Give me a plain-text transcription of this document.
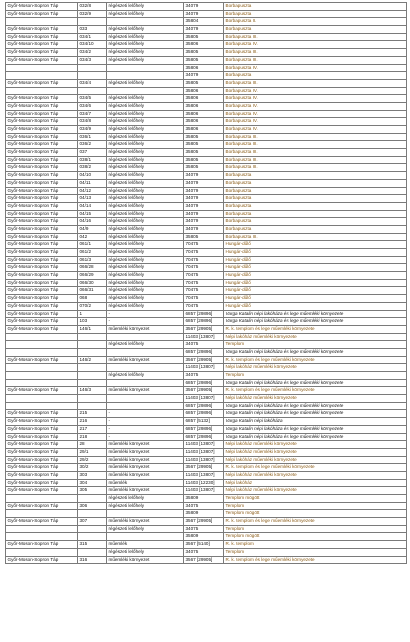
Győr-Moson-Sopron Táp	032/8	régészeti lelőhely	34079	Borbapuszta
Győr-Moson-Sopron Táp	032/9	régészeti lelőhely	34079	Borbapuszta
			35804	Borbapuszta II.
Győr-Moson-Sopron Táp	033	régészeti lelőhely	34079	Borbapuszta
Győr-Moson-Sopron Táp	034/1	régészeti lelőhely	35805	Borbapuszta III.
Győr-Moson-Sopron Táp	034/10	régészeti lelőhely	35806	Borbapuszta IV.
Győr-Moson-Sopron Táp	034/2	régészeti lelőhely	35805	Borbapuszta III.
Győr-Moson-Sopron Táp	034/3	régészeti lelőhely	35805	Borbapuszta III.
			35806	Borbapuszta IV.
			34079	Borbapuszta
Győr-Moson-Sopron Táp	034/4	régészeti lelőhely	35805	Borbapuszta III.
			35806	Borbapuszta IV.
Győr-Moson-Sopron Táp	034/5	régészeti lelőhely	35806	Borbapuszta IV.
Győr-Moson-Sopron Táp	034/6	régészeti lelőhely	35806	Borbapuszta IV.
Győr-Moson-Sopron Táp	034/7	régészeti lelőhely	35806	Borbapuszta IV.
Győr-Moson-Sopron Táp	034/8	régészeti lelőhely	35806	Borbapuszta IV.
Győr-Moson-Sopron Táp	034/9	régészeti lelőhely	35806	Borbapuszta IV.
Győr-Moson-Sopron Táp	036/1	régészeti lelőhely	35805	Borbapuszta III.
Győr-Moson-Sopron Táp	036/2	régészeti lelőhely	35805	Borbapuszta III.
Győr-Moson-Sopron Táp	037	régészeti lelőhely	35805	Borbapuszta III.
Győr-Moson-Sopron Táp	038/1	régészeti lelőhely	35805	Borbapuszta III.
Győr-Moson-Sopron Táp	038/2	régészeti lelőhely	35805	Borbapuszta III.
Győr-Moson-Sopron Táp	04/10	régészeti lelőhely	34079	Borbapuszta
Győr-Moson-Sopron Táp	04/11	régészeti lelőhely	34079	Borbapuszta
Győr-Moson-Sopron Táp	04/12	régészeti lelőhely	34079	Borbapuszta
Győr-Moson-Sopron Táp	04/13	régészeti lelőhely	34079	Borbapuszta
Győr-Moson-Sopron Táp	04/14	régészeti lelőhely	34079	Borbapuszta
Győr-Moson-Sopron Táp	04/15	régészeti lelőhely	34079	Borbapuszta
Győr-Moson-Sopron Táp	04/16	régészeti lelőhely	34079	Borbapuszta
Győr-Moson-Sopron Táp	04/9	régészeti lelőhely	34079	Borbapuszta
Győr-Moson-Sopron Táp	042	régészeti lelőhely	35805	Borbapuszta III.
Győr-Moson-Sopron Táp	061/1	régészeti lelőhely	70475	Hungár-dűlő
Győr-Moson-Sopron Táp	061/2	régészeti lelőhely	70475	Hungár-dűlő
Győr-Moson-Sopron Táp	061/3	régészeti lelőhely	70475	Hungár-dűlő
Győr-Moson-Sopron Táp	066/28	régészeti lelőhely	70475	Hungár-dűlő
Győr-Moson-Sopron Táp	066/29	régészeti lelőhely	70475	Hungár-dűlő
Győr-Moson-Sopron Táp	066/30	régészeti lelőhely	70475	Hungár-dűlő
Győr-Moson-Sopron Táp	066/31	régészeti lelőhely	70475	Hungár-dűlő
Győr-Moson-Sopron Táp	068	régészeti lelőhely	70475	Hungár-dűlő
Győr-Moson-Sopron Táp	070/2	régészeti lelőhely	70475	Hungár-dűlő
Győr-Moson-Sopron Táp	1	-	6857 [29896]	Varga Katalin népi lakóháza és lege műemléki környezete
Győr-Moson-Sopron Táp	103	-	6857 [29896]	Varga Katalin népi lakóháza és lege műemléki környezete
Győr-Moson-Sopron Táp	146/1	műemléki környezet	3567 [29905]	R. k. templom és lege műemléki környezete
			11403 [13807]	Népi lakóház műemléki környezete
		régészeti lelőhely	34075	Templom
			6857 [29896]	Varga Katalin népi lakóháza és lege műemléki környezete
Győr-Moson-Sopron Táp	146/2	műemléki környezet	3567 [29905]	R. k. templom és lege műemléki környezete
			11403 [13807]	Népi lakóház műemléki környezete
		régészeti lelőhely	34075	Templom
			6857 [29896]	Varga Katalin népi lakóháza és lege műemléki környezete
Győr-Moson-Sopron Táp	146/3	műemléki környezet	3567 [29905]	R. k. templom és lege műemléki környezete
			11403 [13807]	Népi lakóház műemléki környezete
			6857 [29896]	Varga Katalin népi lakóháza és lege műemléki környezete
Győr-Moson-Sopron Táp	215	-	6857 [29896]	Varga Katalin népi lakóháza és lege műemléki környezete
Győr-Moson-Sopron Táp	216	-	6857 [5132]	Varga Katalin népi lakóháza
Győr-Moson-Sopron Táp	217	-	6857 [29896]	Varga Katalin népi lakóháza és lege műemléki környezete
Győr-Moson-Sopron Táp	218	-	6857 [29896]	Varga Katalin népi lakóháza és lege műemléki környezete
Győr-Moson-Sopron Táp	28	műemléki környezet	11403 [13807]	Népi lakóház műemléki környezete
Győr-Moson-Sopron Táp	29/1	műemléki környezet	11403 [13807]	Népi lakóház műemléki környezete
Győr-Moson-Sopron Táp	29/2	műemléki környezet	11403 [13807]	Népi lakóház műemléki környezete
Győr-Moson-Sopron Táp	30/2	műemléki környezet	3567 [29905]	R. k. templom és lege műemléki környezete
Győr-Moson-Sopron Táp	303	műemléki környezet	11403 [13807]	Népi lakóház műemléki környezete
Győr-Moson-Sopron Táp	304	műemlék	11403 [12230]	Népi lakóház
Győr-Moson-Sopron Táp	305	műemléki környezet	11403 [13807]	Népi lakóház műemléki környezete
		régészeti lelőhely	35809	Templom mögött
Győr-Moson-Sopron Táp	306	régészeti lelőhely	34075	Templom
			35809	Templom mögött
Győr-Moson-Sopron Táp	307	műemléki környezet	3567 [29905]	R. k. templom és lege műemléki környezete
		régészeti lelőhely	34075	Templom
			35809	Templom mögött
Győr-Moson-Sopron Táp	315	műemlék	3567 [5140]	R. k. templom
		régészeti lelőhely	34075	Templom
Győr-Moson-Sopron Táp	316	műemléki környezet	3567 [29905]	R. k. templom és lege műemléki környezete
